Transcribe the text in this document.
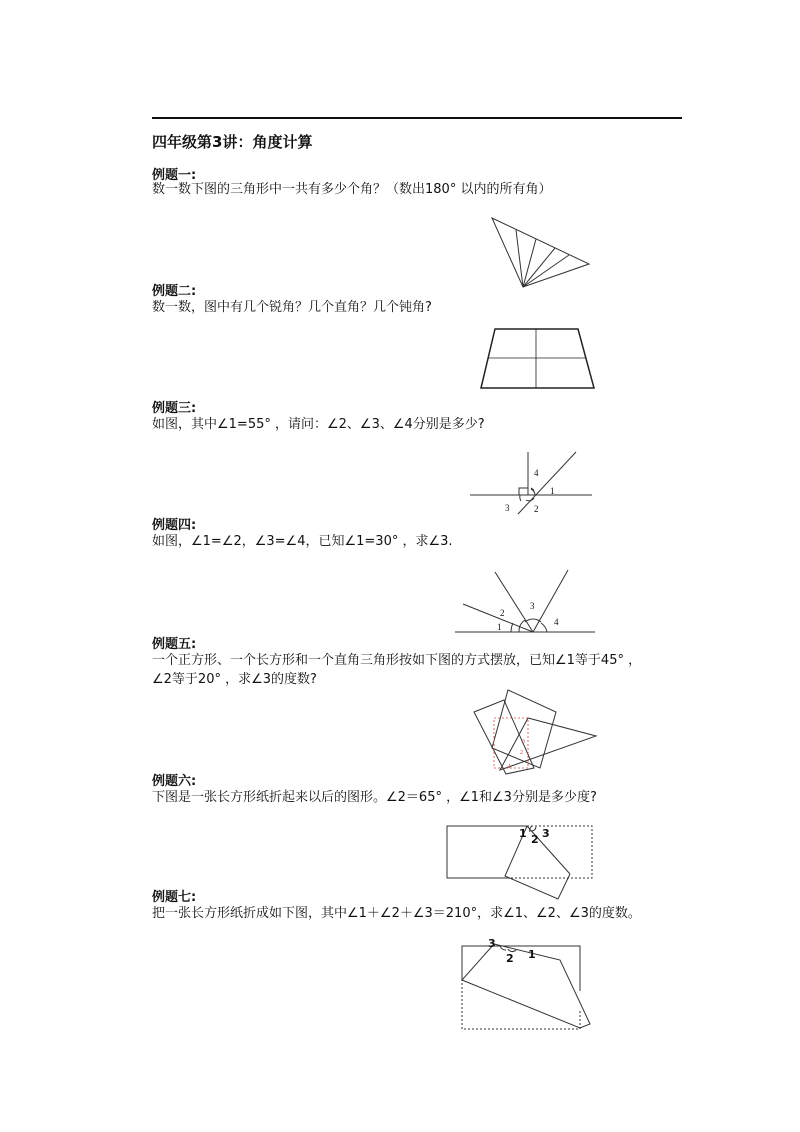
四年级第3讲：角度计算
例题一:
数一数下图的三角形中一共有多少个角？（数出180° 以内的所有角）
例题二:
数一数，图中有几个锐角？几个直角？几个钝角?
例题三:
如图，其中∠1=55° ，请问：∠2、∠3、∠4分别是多少?
4
1
3	2
例题四:
如图，∠1=∠2，∠3=∠4，已知∠1=30° ，求∠3.
1
2
3
4
例题五:
一个正方形、一个长方形和一个直角三角形按如下图的方式摆放，已知∠1等于45° ，
∠2等于20° ，求∠3的度数?
1
2
3
例题六:
下图是一张长方形纸折起来以后的图形。∠2＝65° ，∠1和∠3分别是多少度?
1 2 3
例题七:
把一张长方形纸折成如下图，其中∠1＋∠2＋∠3＝210°，求∠1、∠2、∠3的度数。
3
2 1
